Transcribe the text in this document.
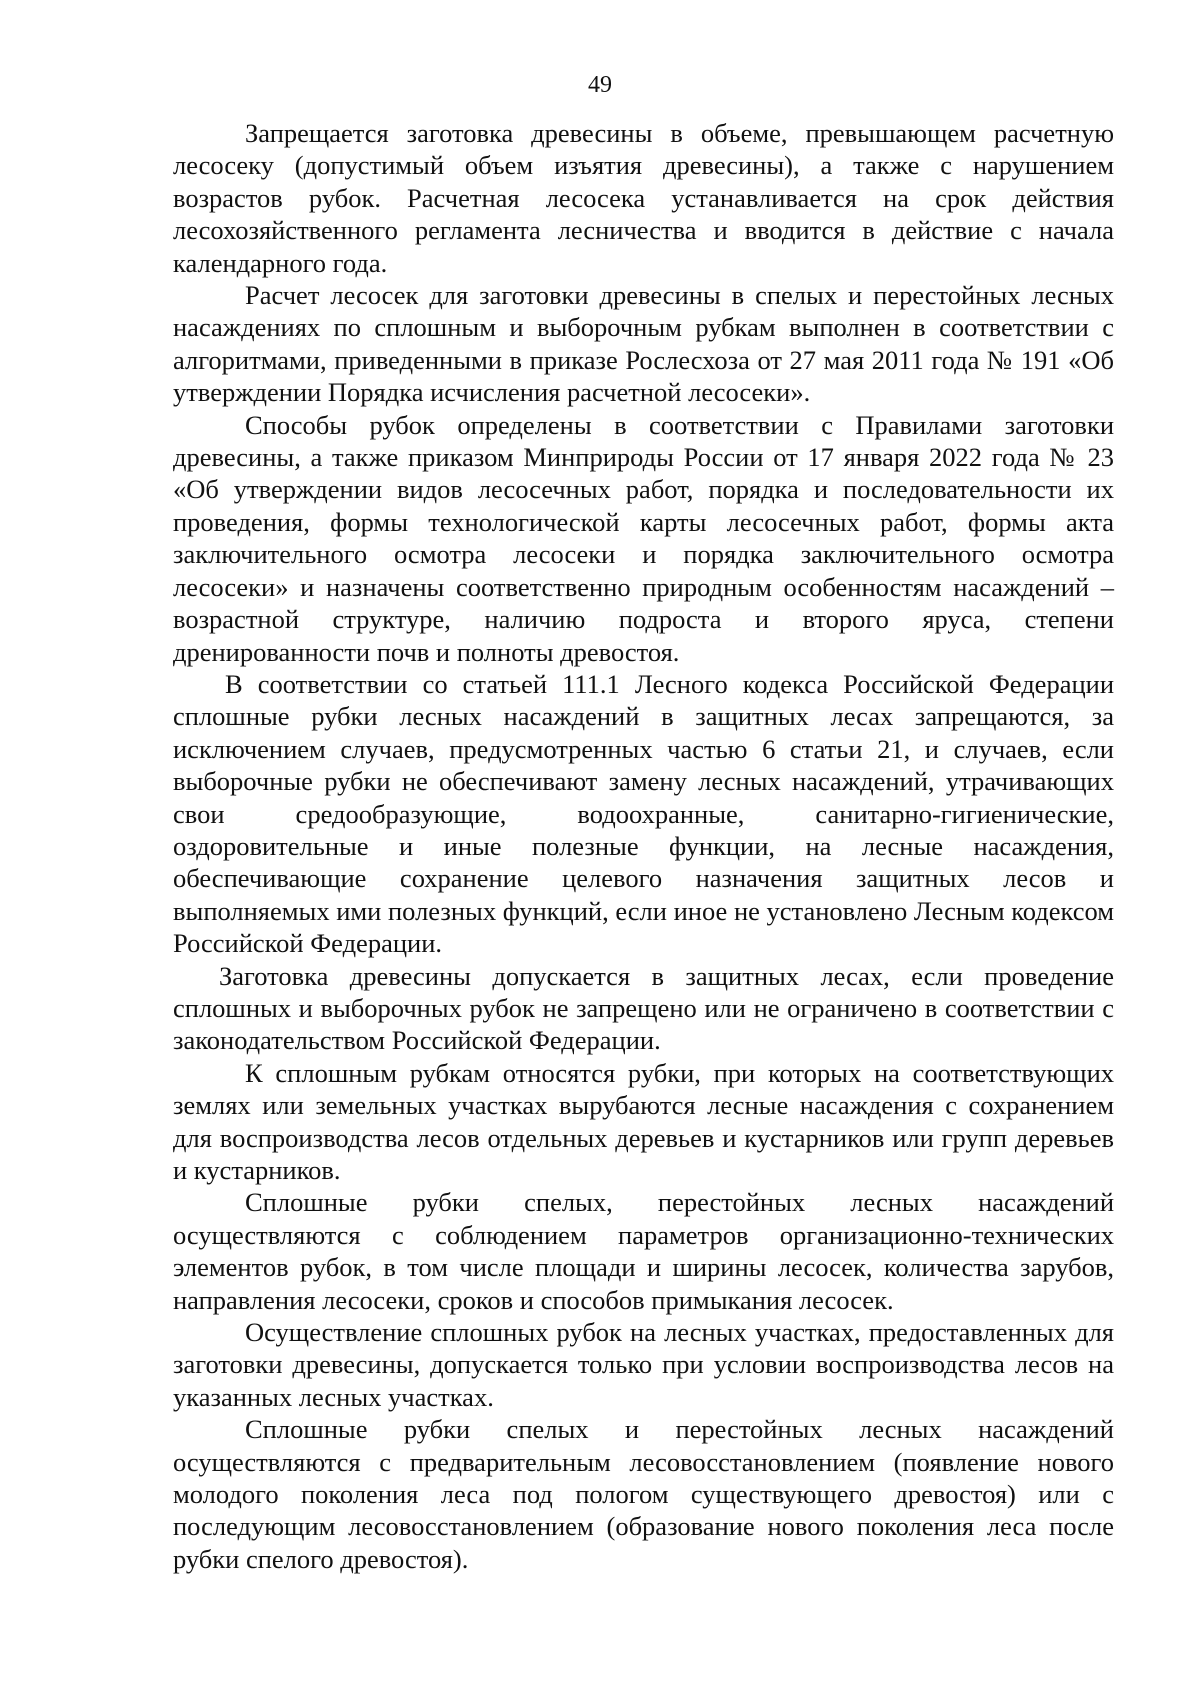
49

Запрещается заготовка древесины в объеме, превышающем расчетную лесосеку (допустимый объем изъятия древесины), а также с нарушением возрастов рубок. Расчетная лесосека устанавливается на срок действия лесохозяйственного регламента лесничества и вводится в действие с начала календарного года.

Расчет лесосек для заготовки древесины в спелых и перестойных лесных насаждениях по сплошным и выборочным рубкам выполнен в соответствии с алгоритмами, приведенными в приказе Рослесхоза от 27 мая 2011 года № 191 «Об утверждении Порядка исчисления расчетной лесосеки».

Способы рубок определены в соответствии с Правилами заготовки древесины, а также приказом Минприроды России от 17 января 2022 года № 23 «Об утверждении видов лесосечных работ, порядка и последовательности их проведения, формы технологической карты лесосечных работ, формы акта заключительного осмотра лесосеки и порядка заключительного осмотра лесосеки» и назначены соответственно природным особенностям насаждений – возрастной структуре, наличию подроста и второго яруса, степени дренированности почв и полноты древостоя.

В соответствии со статьей 111.1 Лесного кодекса Российской Федерации сплошные рубки лесных насаждений в защитных лесах запрещаются, за исключением случаев, предусмотренных частью 6 статьи 21, и случаев, если выборочные рубки не обеспечивают замену лесных насаждений, утрачивающих свои средообразующие, водоохранные, санитарно-гигиенические, оздоровительные и иные полезные функции, на лесные насаждения, обеспечивающие сохранение целевого назначения защитных лесов и выполняемых ими полезных функций, если иное не установлено Лесным кодексом Российской Федерации.

Заготовка древесины допускается в защитных лесах, если проведение сплошных и выборочных рубок не запрещено или не ограничено в соответствии с законодательством Российской Федерации.

К сплошным рубкам относятся рубки, при которых на соответствующих землях или земельных участках вырубаются лесные насаждения с сохранением для воспроизводства лесов отдельных деревьев и кустарников или групп деревьев и кустарников.

Сплошные рубки спелых, перестойных лесных насаждений осуществляются с соблюдением параметров организационно-технических элементов рубок, в том числе площади и ширины лесосек, количества зарубов, направления лесосеки, сроков и способов примыкания лесосек.

Осуществление сплошных рубок на лесных участках, предоставленных для заготовки древесины, допускается только при условии воспроизводства лесов на указанных лесных участках.

Сплошные рубки спелых и перестойных лесных насаждений осуществляются с предварительным лесовосстановлением (появление нового молодого поколения леса под пологом существующего древостоя) или с последующим лесовосстановлением (образование нового поколения леса после рубки спелого древостоя).
